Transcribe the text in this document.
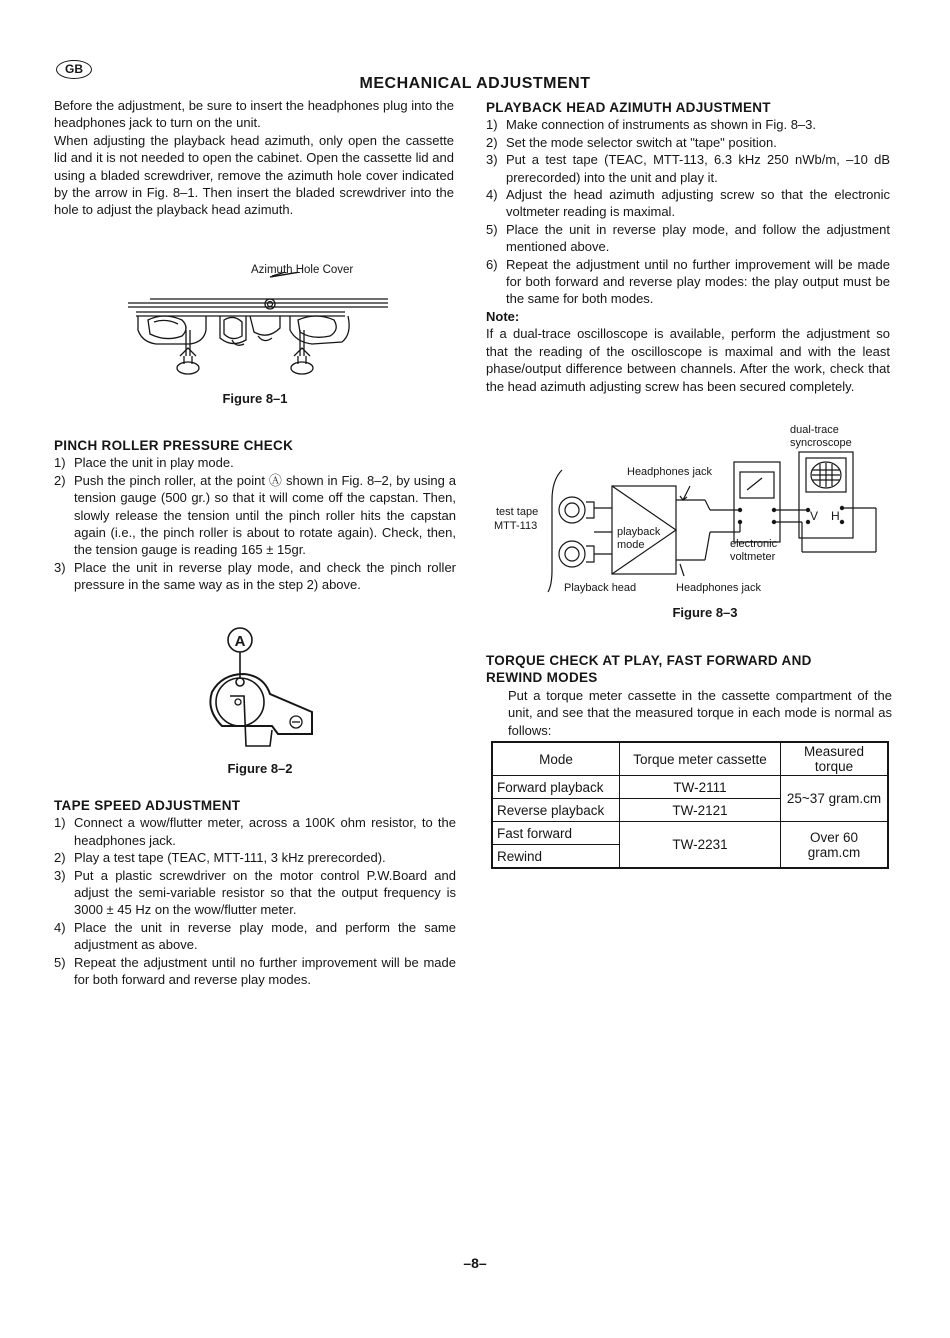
GB
MECHANICAL ADJUSTMENT
Before the adjustment, be sure to insert the headphones plug into the headphones jack to turn on the unit.
When adjusting the playback head azimuth, only open the cassette lid and it is not needed to open the cabinet. Open the cassette lid and using a bladed screwdriver, remove the azimuth hole cover indicated by the arrow in Fig. 8–1. Then insert the bladed screwdriver into the hole to adjust the playback head azimuth.
Azimuth Hole Cover
Figure 8–1
PINCH ROLLER PRESSURE CHECK
1) Place the unit in play mode.
2) Push the pinch roller, at the point Ⓐ shown in Fig. 8–2, by using a tension gauge (500 gr.) so that it will come off the capstan. Then, slowly release the tension until the pinch roller hits the capstan again (i.e., the pinch roller is about to rotate again). Check, then, the tension gauge is reading 165 ± 15gr.
3) Place the unit in reverse play mode, and check the pinch roller pressure in the same way as in the step 2) above.
A
Figure 8–2
TAPE SPEED ADJUSTMENT
1) Connect a wow/flutter meter, across a 100K ohm resistor, to the headphones jack.
2) Play a test tape (TEAC, MTT-111, 3 kHz prerecorded).
3) Put a plastic screwdriver on the motor control P.W.Board and adjust the semi-variable resistor so that the output frequency is 3000 ± 45 Hz on the wow/flutter meter.
4) Place the unit in reverse play mode, and perform the same adjustment as above.
5) Repeat the adjustment until no further improvement will be made for both forward and reverse play modes.
PLAYBACK HEAD AZIMUTH ADJUSTMENT
1) Make connection of instruments as shown in Fig. 8–3.
2) Set the mode selector switch at "tape" position.
3) Put a test tape (TEAC, MTT-113, 6.3 kHz 250 nWb/m, –10 dB prerecorded) into the unit and play it.
4) Adjust the head azimuth adjusting screw so that the electronic voltmeter reading is maximal.
5) Place the unit in reverse play mode, and follow the adjustment mentioned above.
6) Repeat the adjustment until no further improvement will be made for both forward and reverse play modes: the play output must be the same for both modes.
Note:
If a dual-trace oscilloscope is available, perform the adjustment so that the reading of the oscilloscope is maximal and with the least phase/output difference between channels. After the work, check that the head azimuth adjusting screw has been secured completely.
dual-trace
syncroscope
Headphones jack
test tape
MTT-113	playback
mode	electronic
voltmeter
V H
Playback head	Headphones jack
Figure 8–3
TORQUE CHECK AT PLAY, FAST FORWARD AND
REWIND MODES
Put a torque meter cassette in the cassette compartment of the unit, and see that the measured torque in each mode is normal as follows:
Mode	Torque meter cassette	Measured torque
Forward playback	TW-2111	25~37 gram.cm
Reverse playback	TW-2121	
Fast forward	TW-2231	Over 60 gram.cm
Rewind		
–8–
